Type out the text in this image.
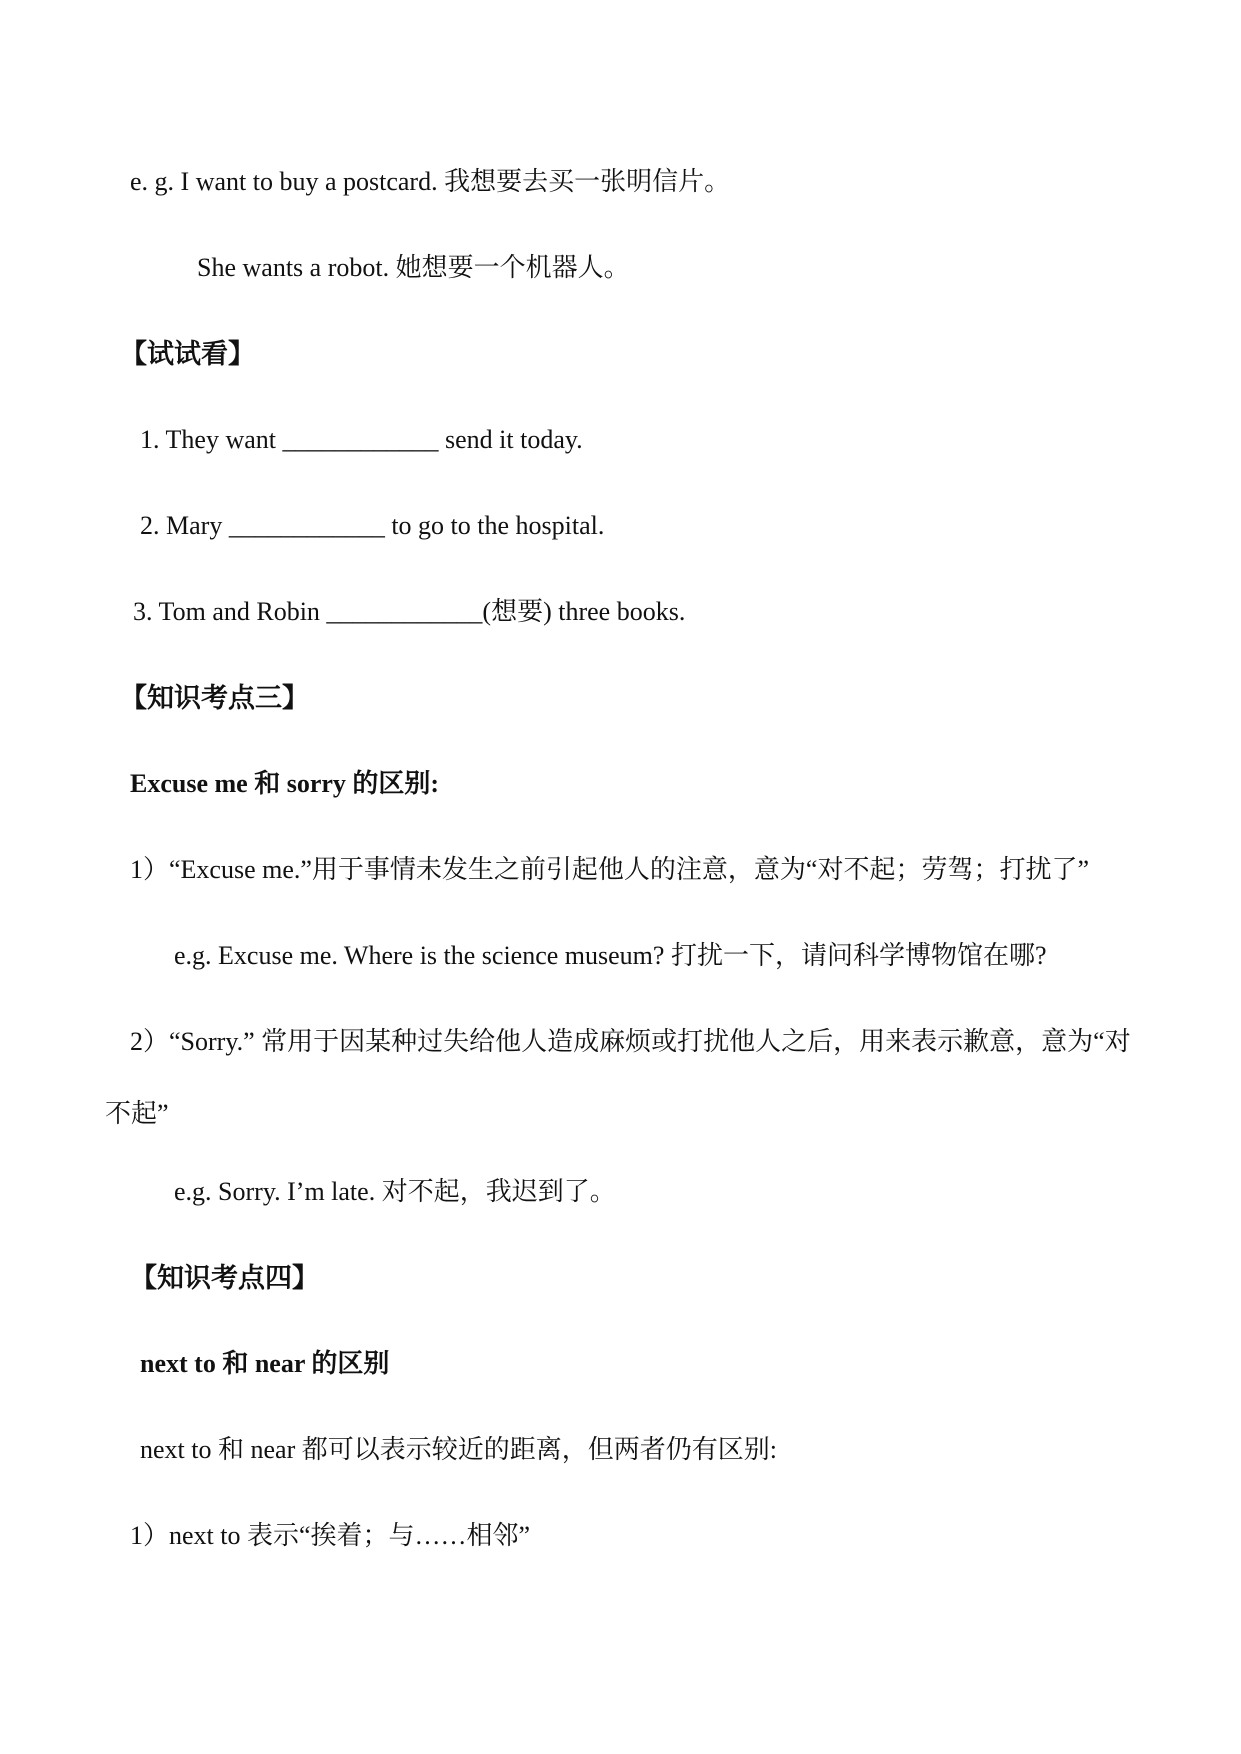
e. g. I want to buy a postcard. 我想要去买一张明信片。
She wants a robot. 她想要一个机器人。
【试试看】
1. They want ____________ send it today.
2. Mary ____________ to go to the hospital.
3. Tom and Robin ____________(想要) three books.
【知识考点三】
Excuse me 和 sorry 的区别:
1）“Excuse me.”用于事情未发生之前引起他人的注意，意为“对不起；劳驾；打扰了”
e.g. Excuse me. Where is the science museum? 打扰一下，请问科学博物馆在哪?
2）“Sorry.” 常用于因某种过失给他人造成麻烦或打扰他人之后，用来表示歉意，意为“对
不起”
e.g. Sorry. I’m late. 对不起，我迟到了。
【知识考点四】
next to 和 near 的区别
next to 和 near 都可以表示较近的距离，但两者仍有区别:
1）next to 表示“挨着；与……相邻”
